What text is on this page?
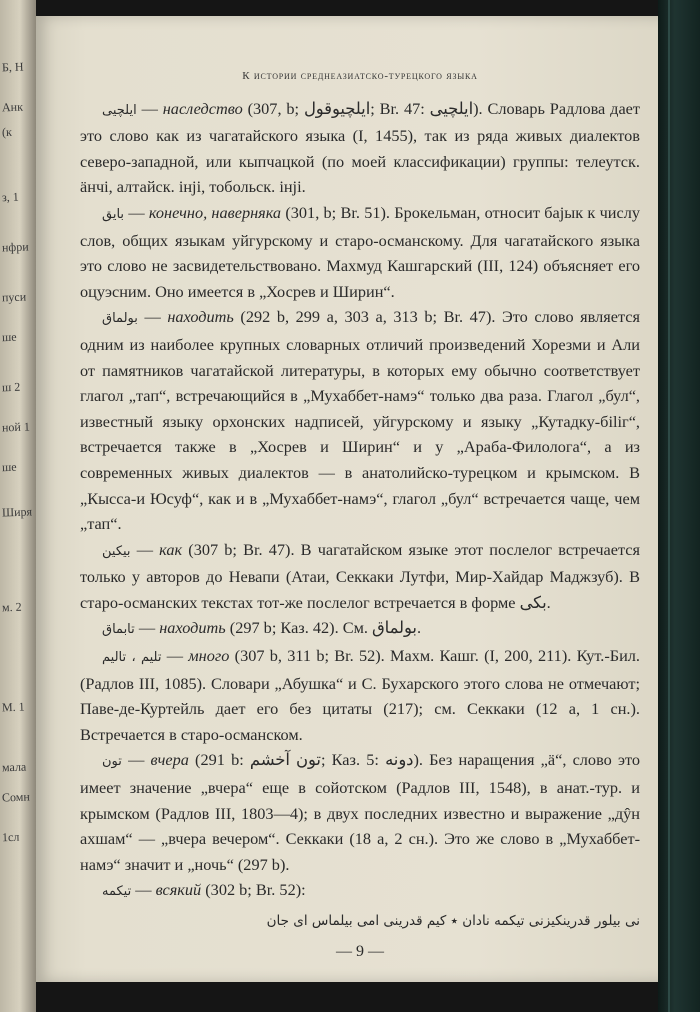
Б, Н
Анк
(к
з, 1
нфри
пуси
ше
ш 2
ной 1
ше
Ширя
м. 2
М. 1
мала
Сомн
1сл
К истории среднеазиатско-турецкого языка

ايلچيى — наследство (307, b; ايلچيوقول; Br. 47: ايلچيى). Словарь Радлова дает это слово как из чагатайского языка (I, 1455), так из ряда живых диалектов северо-западной, или кыпчацкой (по моей классификации) группы: телеутск. äнчі, алтайск. інjі, тобольск. інjі.

بايق — конечно, наверняка (301, b; Br. 51). Брокельман, относит бајык к числу слов, общих языкам уйгурскому и старо-османскому. Для чагатайского языка это слово не засвидетельствовано. Махмуд Кашгарский (III, 124) объясняет его оцуэсним. Оно имеется в „Хосрев и Ширин“.

بولماق — находить (292 b, 299 a, 303 a, 313 b; Br. 47). Это слово является одним из наиболее крупных словарных отличий произведений Хорезми и Али от памятников чагатайской литературы, в которых ему обычно соответствует глагол „тап“, встречающийся в „Мухаббет-намэ“ только два раза. Глагол „бул“, известный языку орхонских надписей, уйгурскому и языку „Кутадку-біlіг“, встречается также в „Хосрев и Ширин“ и у „Араба-Филолога“, а из современных живых диалектов — в анатолийско-турецком и крымском. В „Кысса-и Юсуф“, как и в „Мухаббет-намэ“, глагол „бул“ встречается чаще, чем „тап“.

بيكين — как (307 b; Br. 47). В чагатайском языке этот послелог встречается только у авторов до Невапи (Атаи, Секкаки Лутфи, Мир-Хайдар Маджзуб). В старо-османских текстах тот-же послелог встречается в форме بكى.

تابماق — находить (297 b; Каз. 42). См. بولماق.

تليم ، تاليم — много (307 b, 311 b; Br. 52). Махм. Кашг. (I, 200, 211). Кут.-Бил. (Радлов III, 1085). Словари „Абушка“ и С. Бухарского этого слова не отмечают; Паве-де-Куртейль дает его без цитаты (217); см. Секкаки (12 a, 1 сн.). Встречается в старо-османском.

تون — вчера (291 b: تون آخشم; Каз. 5: دونه). Без наращения „ä“, слово это имеет значение „вчера“ еще в сойотском (Радлов III, 1548), в анат.-тур. и крымском (Радлов III, 1803—4); в двух последних известно и выражение „дŷн ахшам“ — „вчера вечером“. Секкаки (18 a, 2 сн.). Это же слово в „Мухаббет-намэ“ значит и „ночь“ (297 b).

تيكمه — всякий (302 b; Br. 52):

نى بيلور قدرينكيزنى تيكمه نادان ٭ كيم قدرينى امى بيلماس اى جان
— 9 —
